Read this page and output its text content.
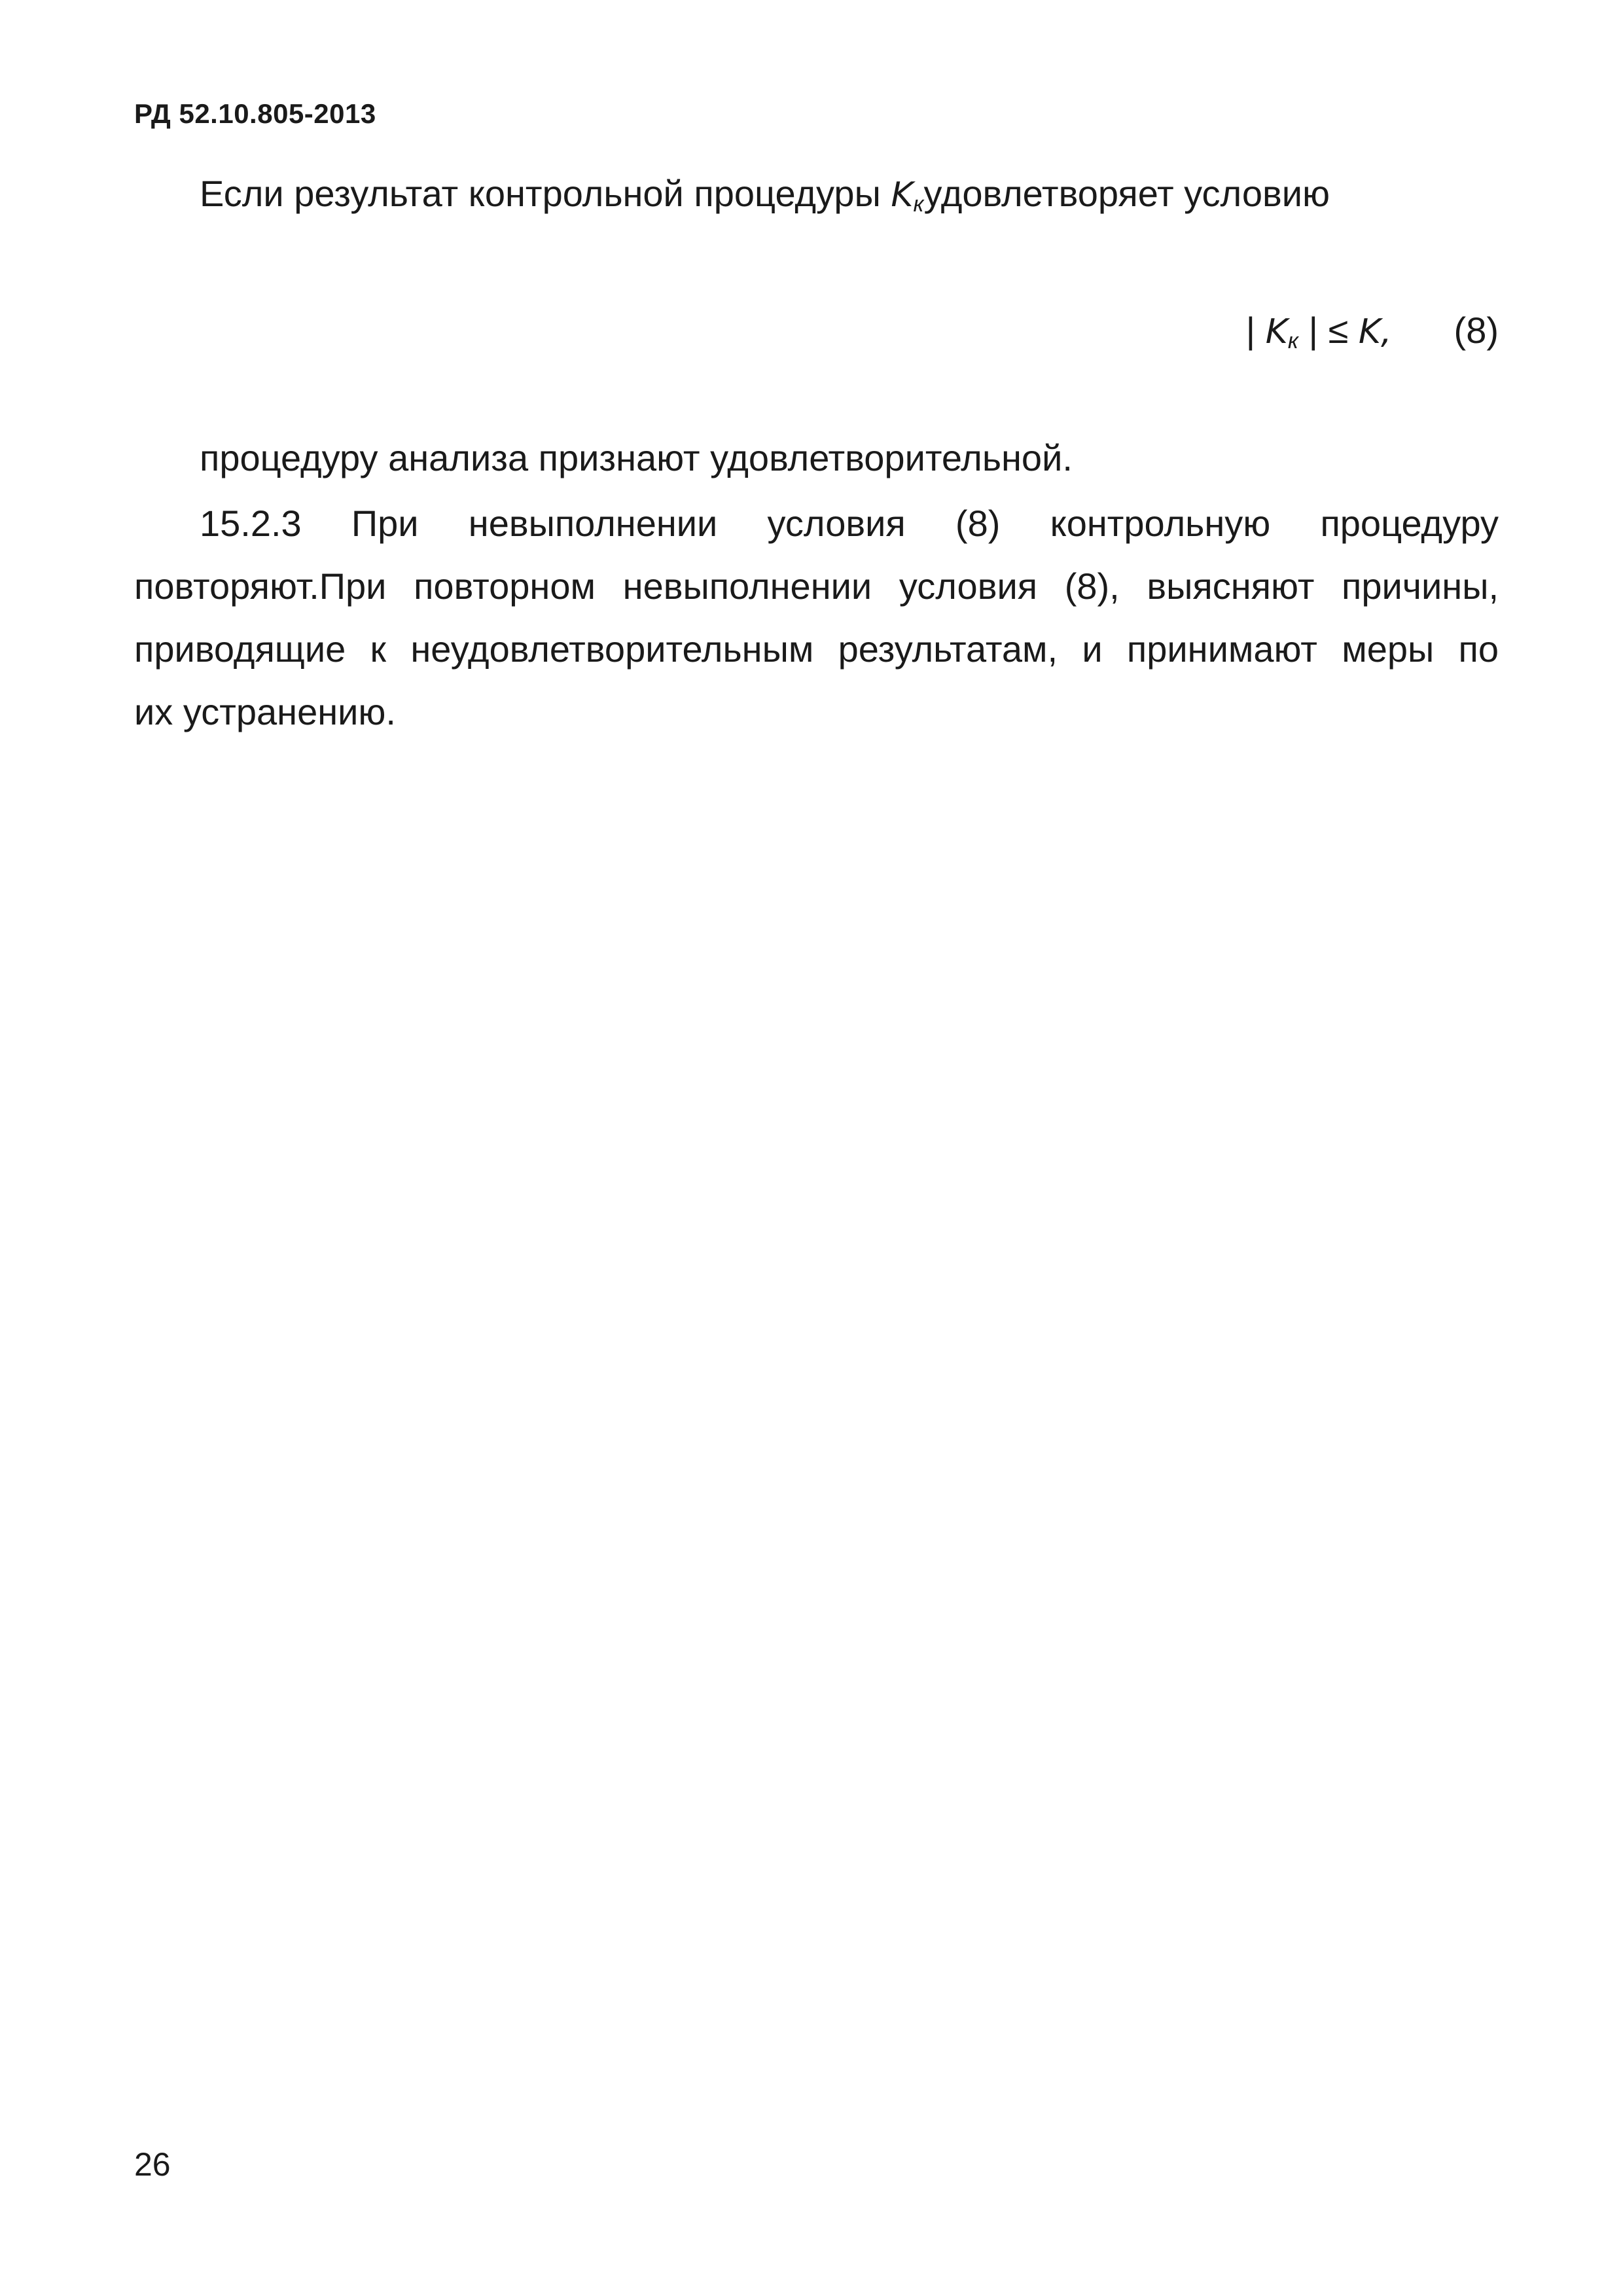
РД 52.10.805-2013
Если результат контрольной процедуры Kкудовлетворяет условию
| $K_к$ | ≤ K, (8)
процедуру анализа признают удовлетворительной.
15.2.3 При невыполнении условия (8) контрольную процедуру
повторяют.При повторном невыполнении условия (8), выясняют причины,
приводящие к неудовлетворительным результатам, и принимают меры по
их устранению.
26
